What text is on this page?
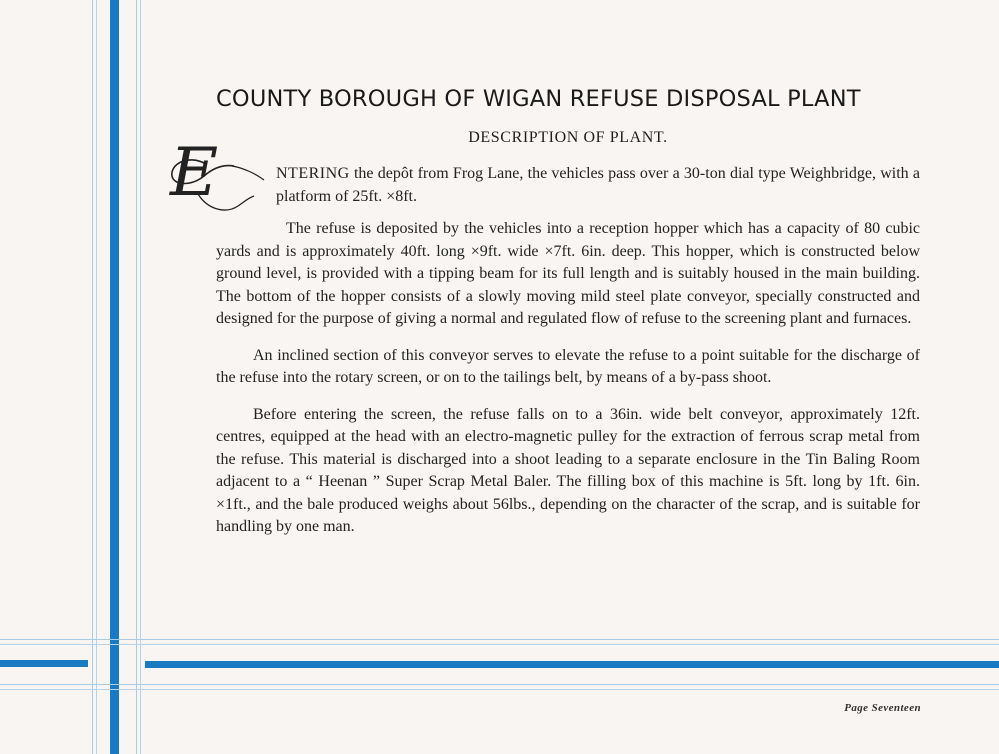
COUNTY BOROUGH OF WIGAN REFUSE DISPOSAL PLANT
DESCRIPTION OF PLANT.
E	NTERING the depôt from Frog Lane, the vehicles pass over a 30-ton dial type Weighbridge, with a platform of 25ft. ×8ft.

The refuse is deposited by the vehicles into a reception hopper which has a capacity of 80 cubic yards and is approximately 40ft. long ×9ft. wide ×7ft. 6in. deep. This hopper, which is constructed below ground level, is provided with a tipping beam for its full length and is suitably housed in the main building. The bottom of the hopper consists of a slowly moving mild steel plate conveyor, specially constructed and designed for the purpose of giving a normal and regulated flow of refuse to the screening plant and furnaces.

An inclined section of this conveyor serves to elevate the refuse to a point suitable for the discharge of the refuse into the rotary screen, or on to the tailings belt, by means of a by-pass shoot.

Before entering the screen, the refuse falls on to a 36in. wide belt conveyor, approximately 12ft. centres, equipped at the head with an electro-magnetic pulley for the extraction of ferrous scrap metal from the refuse. This material is discharged into a shoot leading to a separate enclosure in the Tin Baling Room adjacent to a “ Heenan ” Super Scrap Metal Baler. The filling box of this machine is 5ft. long by 1ft. 6in. ×1ft., and the bale produced weighs about 56lbs., depending on the character of the scrap, and is suitable for handling by one man.

Page Seventeen
